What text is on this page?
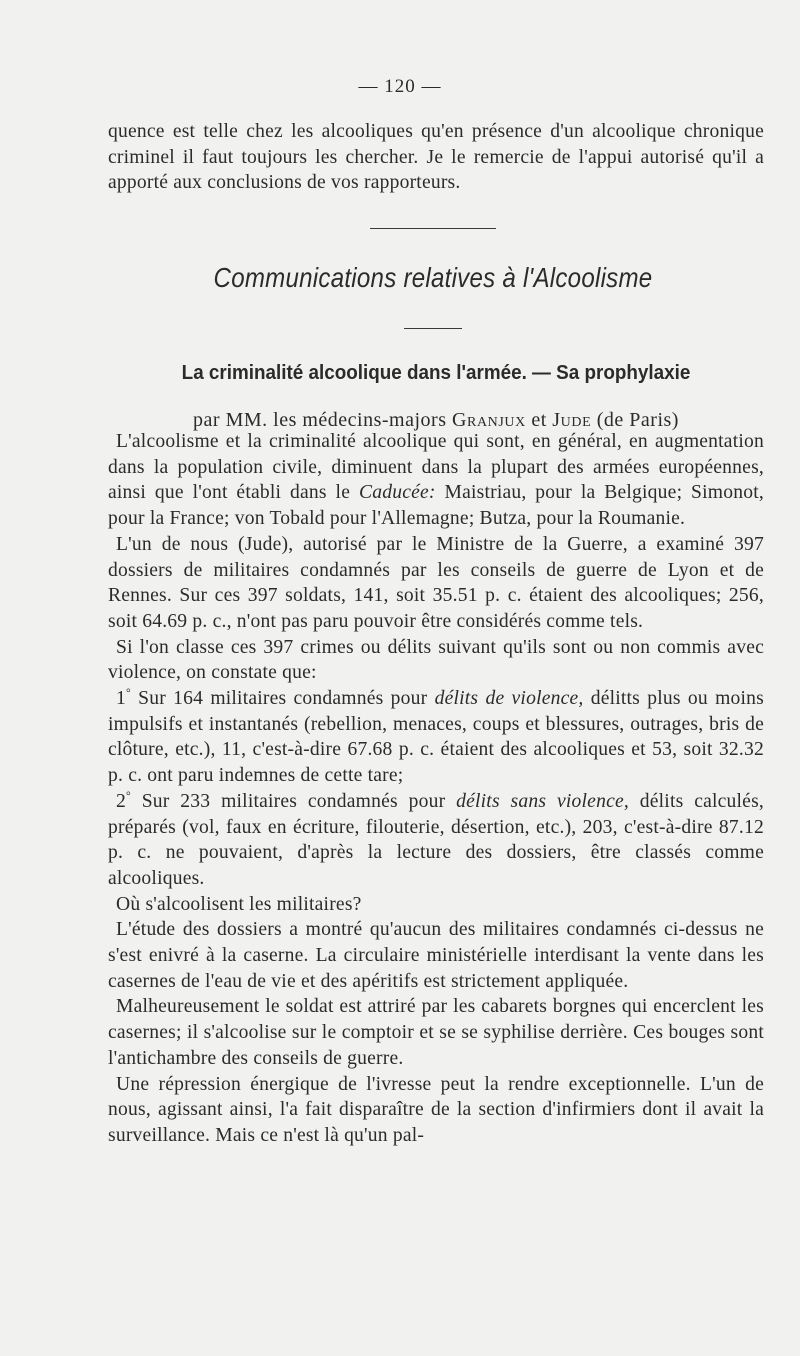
— 120 —

quence est telle chez les alcooliques qu'en présence d'un alcoolique chronique criminel il faut toujours les chercher. Je le remercie de l'appui autorisé qu'il a apporté aux conclusions de vos rapporteurs.

Communications relatives à l'Alcoolisme
La criminalité alcoolique dans l'armée. — Sa prophylaxie
par MM. les médecins-majors Granjux et Jude (de Paris)

L'alcoolisme et la criminalité alcoolique qui sont, en général, en augmentation dans la population civile, diminuent dans la plupart des armées européennes, ainsi que l'ont établi dans le Caducée: Maistriau, pour la Belgique; Simonot, pour la France; von Tobald pour l'Allemagne; Butza, pour la Roumanie.

L'un de nous (Jude), autorisé par le Ministre de la Guerre, a examiné 397 dossiers de militaires condamnés par les conseils de guerre de Lyon et de Rennes. Sur ces 397 soldats, 141, soit 35.51 p. c. étaient des alcooliques; 256, soit 64.69 p. c., n'ont pas paru pouvoir être considérés comme tels.

Si l'on classe ces 397 crimes ou délits suivant qu'ils sont ou non commis avec violence, on constate que:

1° Sur 164 militaires condamnés pour délits de violence, délitts plus ou moins impulsifs et instantanés (rebellion, menaces, coups et blessures, outrages, bris de clôture, etc.), 11, c'est-à-dire 67.68 p. c. étaient des alcooliques et 53, soit 32.32 p. c. ont paru indemnes de cette tare;

2° Sur 233 militaires condamnés pour délits sans violence, délits calculés, préparés (vol, faux en écriture, filouterie, désertion, etc.), 203, c'est-à-dire 87.12 p. c. ne pouvaient, d'après la lecture des dossiers, être classés comme alcooliques.

Où s'alcoolisent les militaires?

L'étude des dossiers a montré qu'aucun des militaires condamnés ci-dessus ne s'est enivré à la caserne. La circulaire ministérielle interdisant la vente dans les casernes de l'eau de vie et des apéritifs est strictement appliquée.

Malheureusement le soldat est attriré par les cabarets borgnes qui encerclent les casernes; il s'alcoolise sur le comptoir et se se syphilise derrière. Ces bouges sont l'antichambre des conseils de guerre.

Une répression énergique de l'ivresse peut la rendre exceptionnelle. L'un de nous, agissant ainsi, l'a fait disparaître de la section d'infirmiers dont il avait la surveillance. Mais ce n'est là qu'un pal-
